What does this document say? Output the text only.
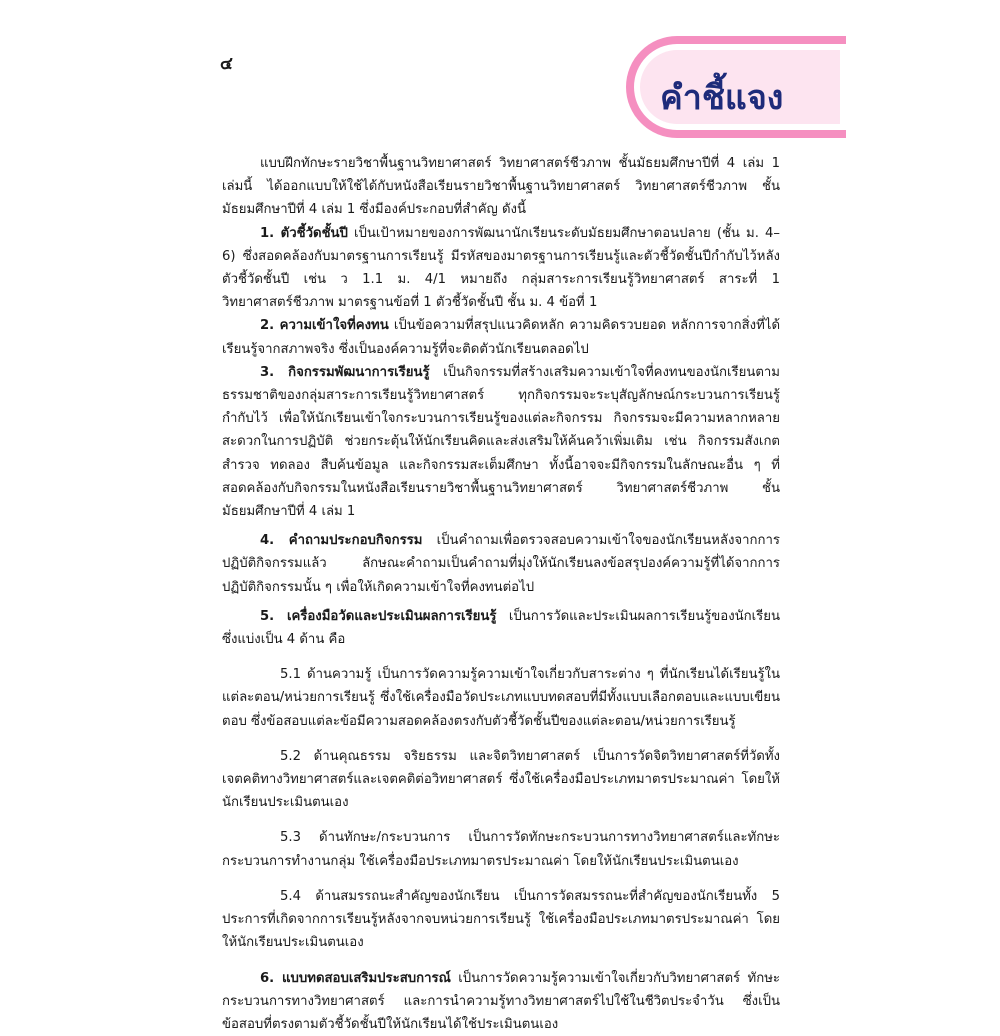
๔
คำชี้แจง

แบบฝึกทักษะรายวิชาพื้นฐานวิทยาศาสตร์ วิทยาศาสตร์ชีวภาพ ชั้นมัธยมศึกษาปีที่ 4 เล่ม 1 เล่มนี้ ได้ออกแบบให้ใช้ได้กับหนังสือเรียนรายวิชาพื้นฐานวิทยาศาสตร์ วิทยาศาสตร์ชีวภาพ ชั้นมัธยมศึกษาปีที่ 4 เล่ม 1 ซึ่งมีองค์ประกอบที่สำคัญ ดังนี้

1. ตัวชี้วัดชั้นปี เป็นเป้าหมายของการพัฒนานักเรียนระดับมัธยมศึกษาตอนปลาย (ชั้น ม. 4–6) ซึ่งสอดคล้องกับมาตรฐานการเรียนรู้ มีรหัสของมาตรฐานการเรียนรู้และตัวชี้วัดชั้นปีกำกับไว้หลังตัวชี้วัดชั้นปี เช่น ว 1.1 ม. 4/1 หมายถึง กลุ่มสาระการเรียนรู้วิทยาศาสตร์ สาระที่ 1 วิทยาศาสตร์ชีวภาพ มาตรฐานข้อที่ 1 ตัวชี้วัดชั้นปี ชั้น ม. 4 ข้อที่ 1

2. ความเข้าใจที่คงทน เป็นข้อความที่สรุปแนวคิดหลัก ความคิดรวบยอด หลักการจากสิ่งที่ได้เรียนรู้จากสภาพจริง ซึ่งเป็นองค์ความรู้ที่จะติดตัวนักเรียนตลอดไป

3. กิจกรรมพัฒนาการเรียนรู้ เป็นกิจกรรมที่สร้างเสริมความเข้าใจที่คงทนของนักเรียนตามธรรมชาติของกลุ่มสาระการเรียนรู้วิทยาศาสตร์ ทุกกิจกรรมจะระบุสัญลักษณ์กระบวนการเรียนรู้กำกับไว้ เพื่อให้นักเรียนเข้าใจกระบวนการเรียนรู้ของแต่ละกิจกรรม กิจกรรมจะมีความหลากหลาย สะดวกในการปฏิบัติ ช่วยกระตุ้นให้นักเรียนคิดและส่งเสริมให้ค้นคว้าเพิ่มเติม เช่น กิจกรรมสังเกต สำรวจ ทดลอง สืบค้นข้อมูล และกิจกรรมสะเต็มศึกษา ทั้งนี้อาจจะมีกิจกรรมในลักษณะอื่น ๆ ที่สอดคล้องกับกิจกรรมในหนังสือเรียนรายวิชาพื้นฐานวิทยาศาสตร์ วิทยาศาสตร์ชีวภาพ ชั้นมัธยมศึกษาปีที่ 4 เล่ม 1

4. คำถามประกอบกิจกรรม เป็นคำถามเพื่อตรวจสอบความเข้าใจของนักเรียนหลังจากการปฏิบัติกิจกรรมแล้ว ลักษณะคำถามเป็นคำถามที่มุ่งให้นักเรียนลงข้อสรุปองค์ความรู้ที่ได้จากการปฏิบัติกิจกรรมนั้น ๆ เพื่อให้เกิดความเข้าใจที่คงทนต่อไป

5. เครื่องมือวัดและประเมินผลการเรียนรู้ เป็นการวัดและประเมินผลการเรียนรู้ของนักเรียน ซึ่งแบ่งเป็น 4 ด้าน คือ

5.1 ด้านความรู้ เป็นการวัดความรู้ความเข้าใจเกี่ยวกับสาระต่าง ๆ ที่นักเรียนได้เรียนรู้ในแต่ละตอน/หน่วยการเรียนรู้ ซึ่งใช้เครื่องมือวัดประเภทแบบทดสอบที่มีทั้งแบบเลือกตอบและแบบเขียนตอบ ซึ่งข้อสอบแต่ละข้อมีความสอดคล้องตรงกับตัวชี้วัดชั้นปีของแต่ละตอน/หน่วยการเรียนรู้

5.2 ด้านคุณธรรม จริยธรรม และจิตวิทยาศาสตร์ เป็นการวัดจิตวิทยาศาสตร์ที่วัดทั้งเจตคติทางวิทยาศาสตร์และเจตคติต่อวิทยาศาสตร์ ซึ่งใช้เครื่องมือประเภทมาตรประมาณค่า โดยให้นักเรียนประเมินตนเอง

5.3 ด้านทักษะ/กระบวนการ เป็นการวัดทักษะกระบวนการทางวิทยาศาสตร์และทักษะกระบวนการทำงานกลุ่ม ใช้เครื่องมือประเภทมาตรประมาณค่า โดยให้นักเรียนประเมินตนเอง

5.4 ด้านสมรรถนะสำคัญของนักเรียน เป็นการวัดสมรรถนะที่สำคัญของนักเรียนทั้ง 5 ประการที่เกิดจากการเรียนรู้หลังจากจบหน่วยการเรียนรู้ ใช้เครื่องมือประเภทมาตรประมาณค่า โดยให้นักเรียนประเมินตนเอง

6. แบบทดสอบเสริมประสบการณ์ เป็นการวัดความรู้ความเข้าใจเกี่ยวกับวิทยาศาสตร์ ทักษะกระบวนการทางวิทยาศาสตร์ และการนำความรู้ทางวิทยาศาสตร์ไปใช้ในชีวิตประจำวัน ซึ่งเป็นข้อสอบที่ตรงตามตัวชี้วัดชั้นปีให้นักเรียนได้ใช้ประเมินตนเอง
